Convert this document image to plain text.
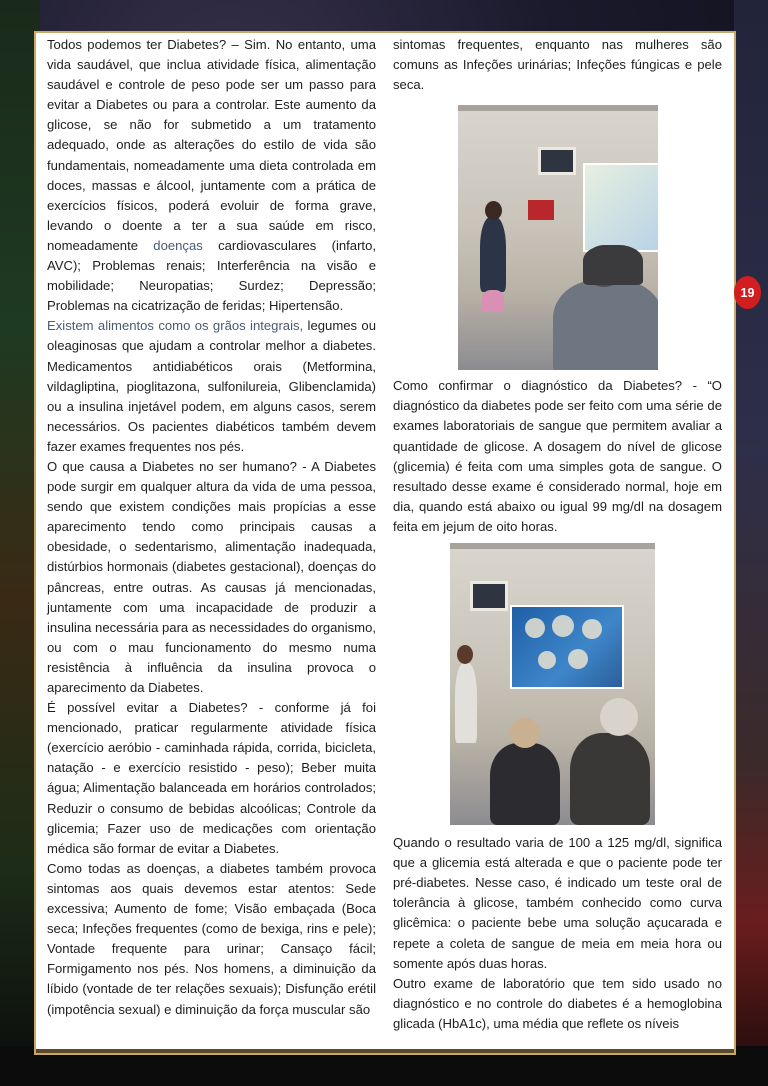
Todos podemos ter Diabetes? – Sim. No entanto, uma vida saudável, que inclua atividade física, alimentação saudável e controle de peso pode ser um passo para evitar a Diabetes ou para a controlar. Este aumento da glicose, se não for submetido a um tratamento adequado, onde as alterações do estilo de vida são fundamentais, nomeadamente uma dieta controlada em doces, massas e álcool, juntamente com a prática de exercícios físicos, poderá evoluir de forma grave, levando o doente a ter a sua saúde em risco, nomeadamente doenças cardiovasculares (infarto, AVC); Problemas renais; Interferência na visão e mobilidade; Neuropatias; Surdez; Depressão; Problemas na cicatrização de feridas; Hipertensão.

Existem alimentos como os grãos integrais, legumes ou oleaginosas que ajudam a controlar melhor a diabetes. Medicamentos antidiabéticos orais (Metformina, vildagliptina, pioglitazona, sulfonilureia, Glibenclamida) ou a insulina injetável podem, em alguns casos, serem necessários. Os pacientes diabéticos também devem fazer exames frequentes nos pés.

O que causa a Diabetes no ser humano? - A Diabetes pode surgir em qualquer altura da vida de uma pessoa, sendo que existem condições mais propícias a esse aparecimento tendo como principais causas a obesidade, o sedentarismo, alimentação inadequada, distúrbios hormonais (diabetes gestacional), doenças do pâncreas, entre outras. As causas já mencionadas, juntamente com uma incapacidade de produzir a insulina necessária para as necessidades do organismo, ou com o mau funcionamento do mesmo numa resistência à influência da insulina provoca o aparecimento da Diabetes.

É possível evitar a Diabetes? - conforme já foi mencionado, praticar regularmente atividade física (exercício aeróbio - caminhada rápida, corrida, bicicleta, natação - e exercício resistido - peso); Beber muita água; Alimentação balanceada em horários controlados; Reduzir o consumo de bebidas alcoólicas; Controle da glicemia; Fazer uso de medicações com orientação médica são formar de evitar a Diabetes.

Como todas as doenças, a diabetes também provoca sintomas aos quais devemos estar atentos: Sede excessiva; Aumento de fome; Visão embaçada (Boca seca; Infeções frequentes (como de bexiga, rins e pele); Vontade frequente para urinar; Cansaço fácil; Formigamento nos pés. Nos homens, a diminuição da líbido (vontade de ter relações sexuais); Disfunção erétil (impotência sexual) e diminuição da força muscular são

sintomas frequentes, enquanto nas mulheres são comuns as Infeções urinárias; Infeções fúngicas e pele seca.

Como confirmar o diagnóstico da Diabetes? - “O diagnóstico da diabetes pode ser feito com uma série de exames laboratoriais de sangue que permitem avaliar a quantidade de glicose. A dosagem do nível de glicose (glicemia) é feita com uma simples gota de sangue. O resultado desse exame é considerado normal, hoje em dia, quando está abaixo ou igual 99 mg/dl na dosagem feita em jejum de oito horas.

Quando o resultado varia de 100 a 125 mg/dl, significa que a glicemia está alterada e que o paciente pode ter pré-diabetes. Nesse caso, é indicado um teste oral de tolerância à glicose, também conhecido como curva glicêmica: o paciente bebe uma solução açucarada e repete a coleta de sangue de meia em meia hora ou somente após duas horas.

Outro exame de laboratório que tem sido usado no diagnóstico e no controle do diabetes é a hemoglobina glicada (HbA1c), uma média que reflete os níveis

19
